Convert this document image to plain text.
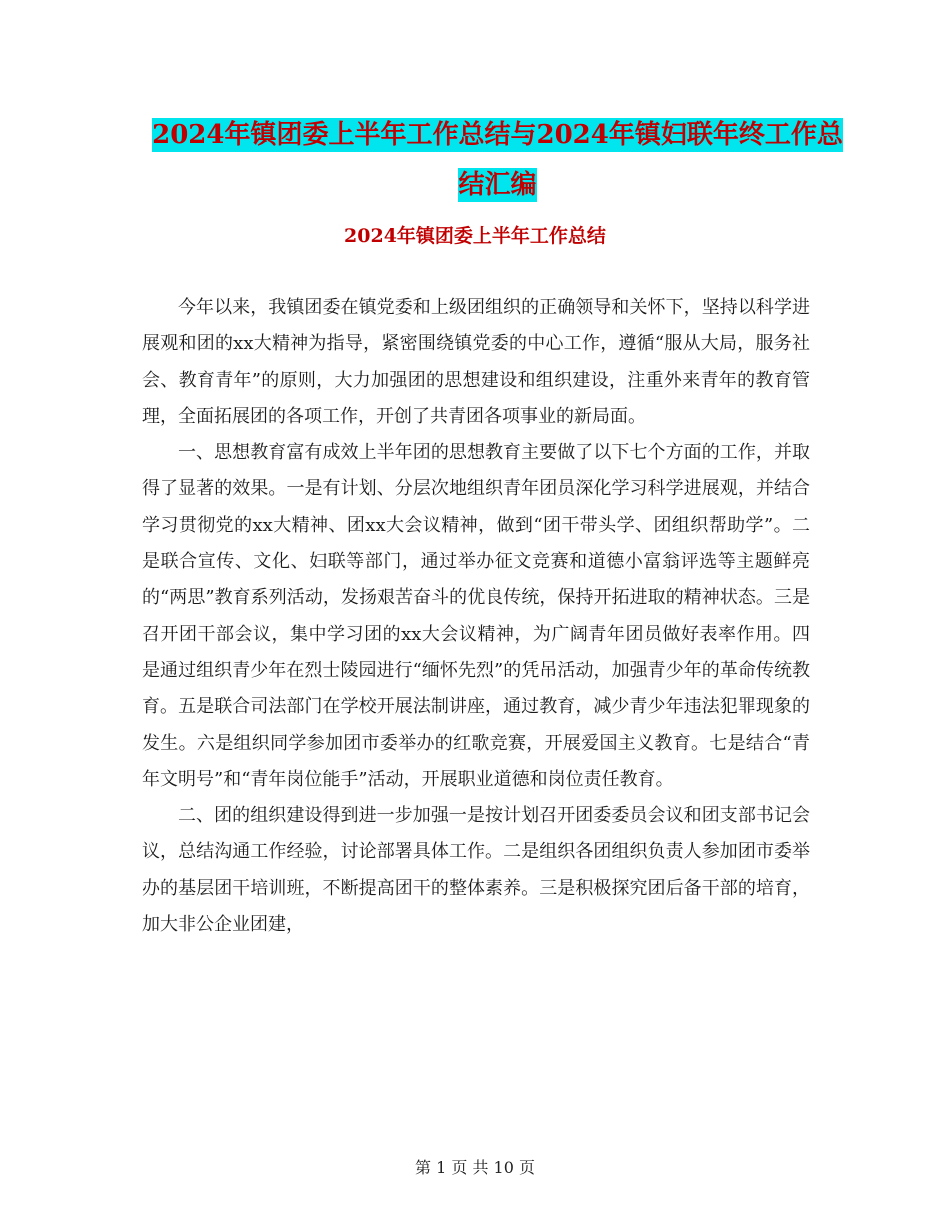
2024年镇团委上半年工作总结与2024年镇妇联年终工作总结汇编
2024年镇团委上半年工作总结

今年以来，我镇团委在镇党委和上级团组织的正确领导和关怀下，坚持以科学进展观和团的xx大精神为指导，紧密围绕镇党委的中心工作，遵循“服从大局，服务社会、教育青年”的原则，大力加强团的思想建设和组织建设，注重外来青年的教育管理，全面拓展团的各项工作，开创了共青团各项事业的新局面。

一、思想教育富有成效上半年团的思想教育主要做了以下七个方面的工作，并取得了显著的效果。一是有计划、分层次地组织青年团员深化学习科学进展观，并结合学习贯彻党的xx大精神、团xx大会议精神，做到“团干带头学、团组织帮助学”。二是联合宣传、文化、妇联等部门，通过举办征文竞赛和道德小富翁评选等主题鲜亮的“两思”教育系列活动，发扬艰苦奋斗的优良传统，保持开拓进取的精神状态。三是召开团干部会议，集中学习团的xx大会议精神，为广阔青年团员做好表率作用。四是通过组织青少年在烈士陵园进行“缅怀先烈”的凭吊活动，加强青少年的革命传统教育。五是联合司法部门在学校开展法制讲座，通过教育，减少青少年违法犯罪现象的发生。六是组织同学参加团市委举办的红歌竞赛，开展爱国主义教育。七是结合“青年文明号”和“青年岗位能手”活动，开展职业道德和岗位责任教育。

二、团的组织建设得到进一步加强一是按计划召开团委委员会议和团支部书记会议，总结沟通工作经验，讨论部署具体工作。二是组织各团组织负责人参加团市委举办的基层团干培训班，不断提高团干的整体素养。三是积极探究团后备干部的培育，加大非公企业团建，

第 1 页 共 10 页
